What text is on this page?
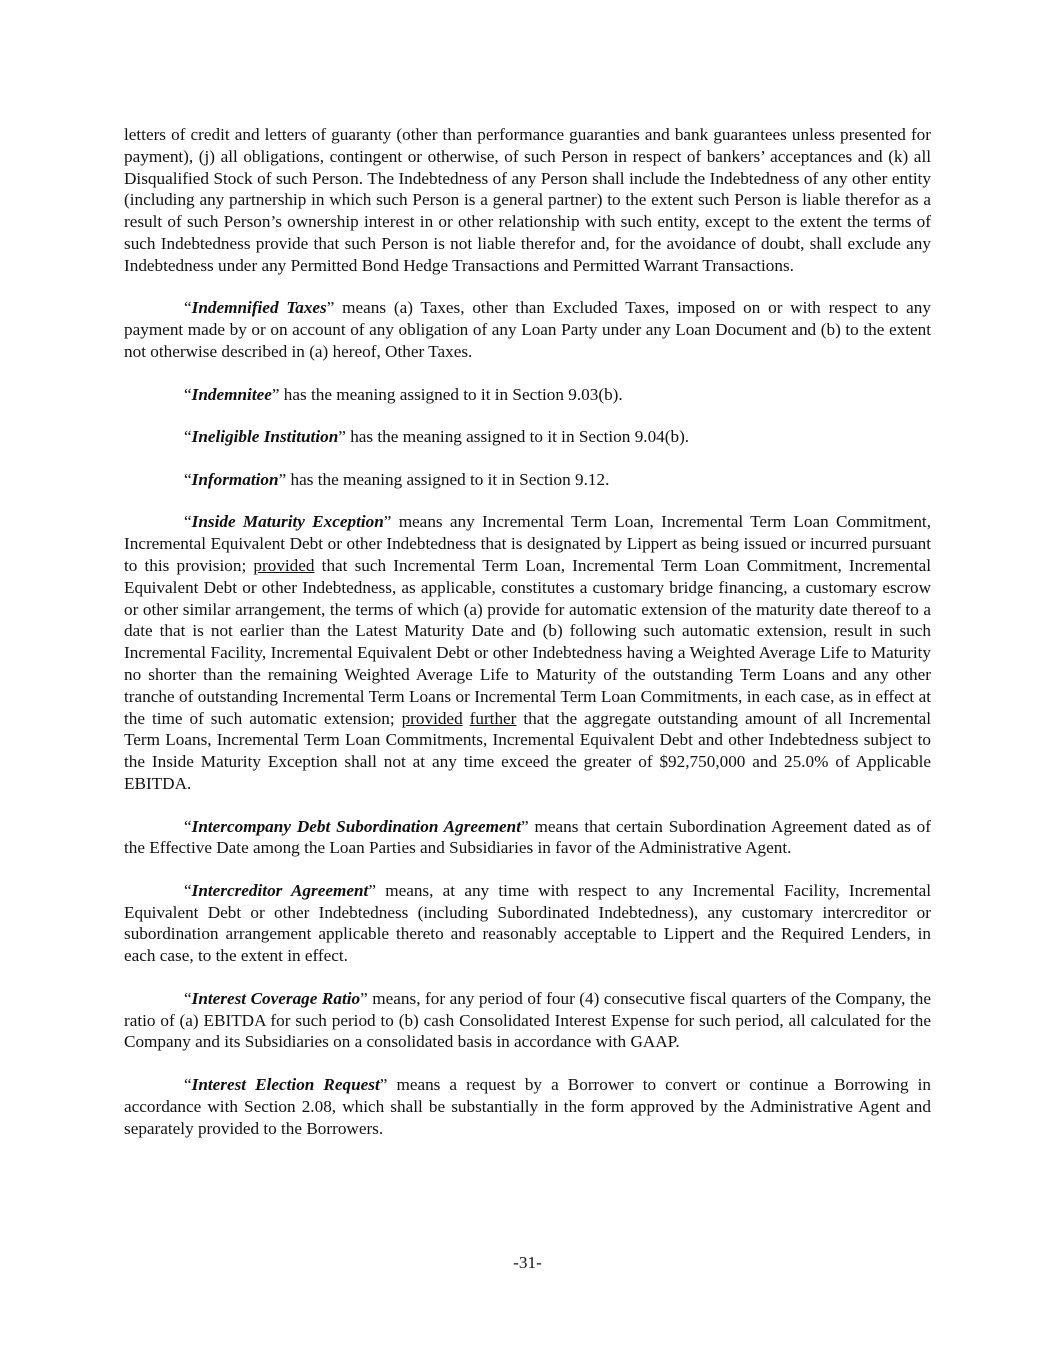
letters of credit and letters of guaranty (other than performance guaranties and bank guarantees unless presented for payment), (j) all obligations, contingent or otherwise, of such Person in respect of bankers’ acceptances and (k) all Disqualified Stock of such Person. The Indebtedness of any Person shall include the Indebtedness of any other entity (including any partnership in which such Person is a general partner) to the extent such Person is liable therefor as a result of such Person’s ownership interest in or other relationship with such entity, except to the extent the terms of such Indebtedness provide that such Person is not liable therefor and, for the avoidance of doubt, shall exclude any Indebtedness under any Permitted Bond Hedge Transactions and Permitted Warrant Transactions.

“Indemnified Taxes” means (a) Taxes, other than Excluded Taxes, imposed on or with respect to any payment made by or on account of any obligation of any Loan Party under any Loan Document and (b) to the extent not otherwise described in (a) hereof, Other Taxes.

“Indemnitee” has the meaning assigned to it in Section 9.03(b).

“Ineligible Institution” has the meaning assigned to it in Section 9.04(b).

“Information” has the meaning assigned to it in Section 9.12.

“Inside Maturity Exception” means any Incremental Term Loan, Incremental Term Loan Commitment, Incremental Equivalent Debt or other Indebtedness that is designated by Lippert as being issued or incurred pursuant to this provision; provided that such Incremental Term Loan, Incremental Term Loan Commitment, Incremental Equivalent Debt or other Indebtedness, as applicable, constitutes a customary bridge financing, a customary escrow or other similar arrangement, the terms of which (a) provide for automatic extension of the maturity date thereof to a date that is not earlier than the Latest Maturity Date and (b) following such automatic extension, result in such Incremental Facility, Incremental Equivalent Debt or other Indebtedness having a Weighted Average Life to Maturity no shorter than the remaining Weighted Average Life to Maturity of the outstanding Term Loans and any other tranche of outstanding Incremental Term Loans or Incremental Term Loan Commitments, in each case, as in effect at the time of such automatic extension; provided further that the aggregate outstanding amount of all Incremental Term Loans, Incremental Term Loan Commitments, Incremental Equivalent Debt and other Indebtedness subject to the Inside Maturity Exception shall not at any time exceed the greater of $92,750,000 and 25.0% of Applicable EBITDA.

“Intercompany Debt Subordination Agreement” means that certain Subordination Agreement dated as of the Effective Date among the Loan Parties and Subsidiaries in favor of the Administrative Agent.

“Intercreditor Agreement” means, at any time with respect to any Incremental Facility, Incremental Equivalent Debt or other Indebtedness (including Subordinated Indebtedness), any customary intercreditor or subordination arrangement applicable thereto and reasonably acceptable to Lippert and the Required Lenders, in each case, to the extent in effect.

“Interest Coverage Ratio” means, for any period of four (4) consecutive fiscal quarters of the Company, the ratio of (a) EBITDA for such period to (b) cash Consolidated Interest Expense for such period, all calculated for the Company and its Subsidiaries on a consolidated basis in accordance with GAAP.

“Interest Election Request” means a request by a Borrower to convert or continue a Borrowing in accordance with Section 2.08, which shall be substantially in the form approved by the Administrative Agent and separately provided to the Borrowers.

-31-
